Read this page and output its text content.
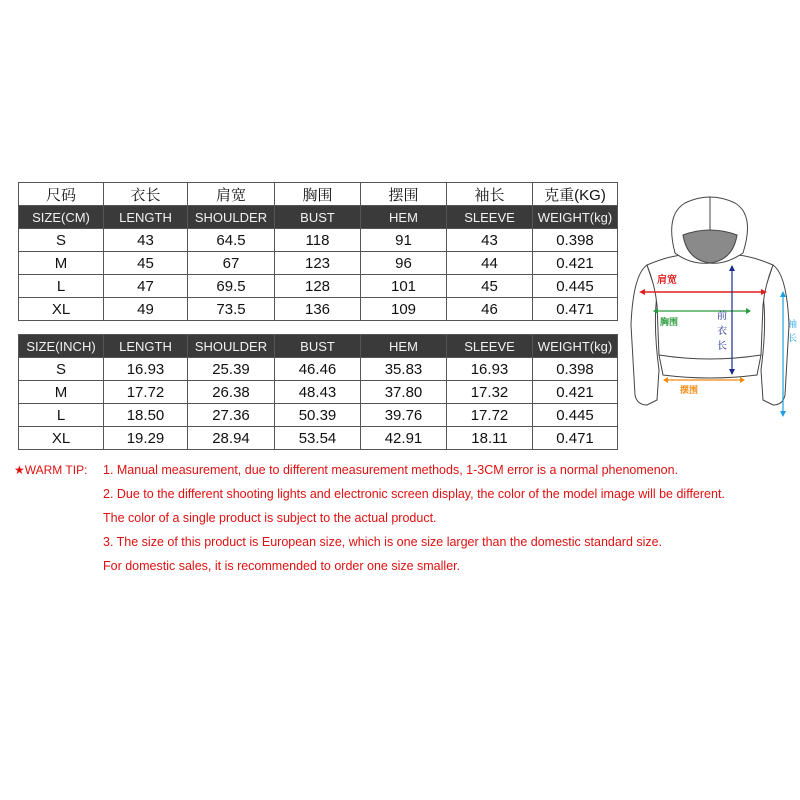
尺码	衣长	肩宽	胸围	摆围	袖长	克重(KG)
SIZE(CM)	LENGTH	SHOULDER	BUST	HEM	SLEEVE	WEIGHT(kg)
S	43	64.5	118	91	43	0.398
M	45	67	123	96	44	0.421
L	47	69.5	128	101	45	0.445
XL	49	73.5	136	109	46	0.471
SIZE(INCH)	LENGTH	SHOULDER	BUST	HEM	SLEEVE	WEIGHT(kg)
S	16.93	25.39	46.46	35.83	16.93	0.398
M	17.72	26.38	48.43	37.80	17.32	0.421
L	18.50	27.36	50.39	39.76	17.72	0.445
XL	19.29	28.94	53.54	42.91	18.11	0.471
肩宽
胸围
前
衣
长
摆围
袖
长
★WARM TIP: 1. Manual measurement, due to different measurement methods, 1-3CM error is a normal phenomenon.
2. Due to the different shooting lights and electronic screen display, the color of the model image will be different.
The color of a single product is subject to the actual product.
3. The size of this product is European size, which is one size larger than the domestic standard size.
For domestic sales, it is recommended to order one size smaller.
